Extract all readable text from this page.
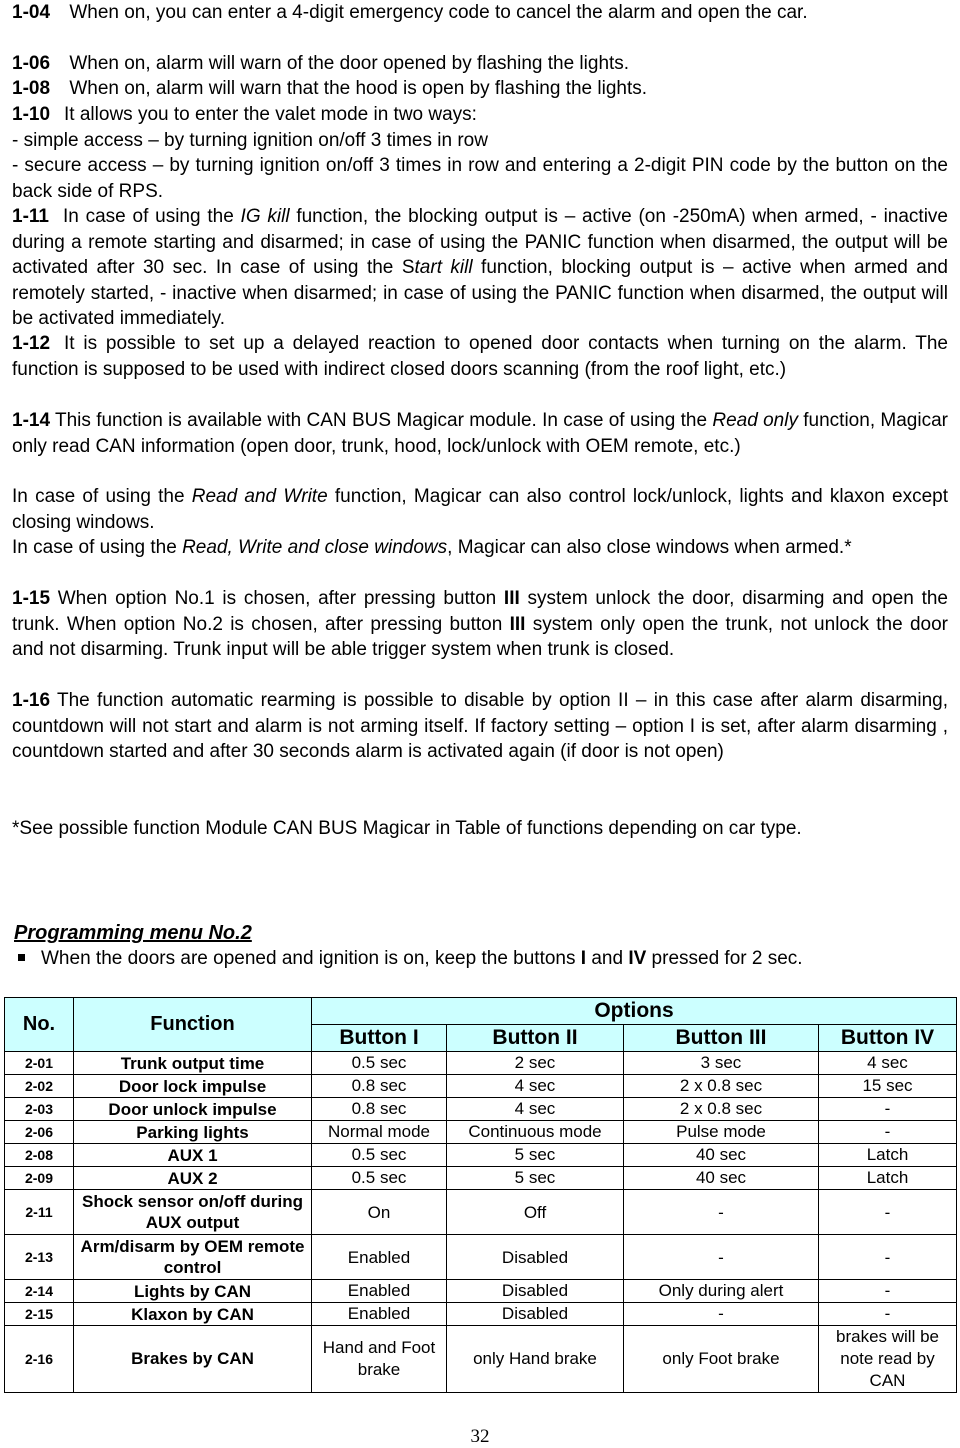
1-04 When on, you can enter a 4-digit emergency code to cancel the alarm and open the car.

1-06 When on, alarm will warn of the door opened by flashing the lights.

1-08 When on, alarm will warn that the hood is open by flashing the lights.

1-10 It allows you to enter the valet mode in two ways:
- simple access – by turning ignition on/off 3 times in row
- secure access – by turning ignition on/off 3 times in row and entering a 2-digit PIN code by the button on the back side of RPS.

1-11 In case of using the IG kill function, the blocking output is – active (on -250mA) when armed, - inactive during a remote starting and disarmed; in case of using the PANIC function when disarmed, the output will be activated after 30 sec. In case of using the Start kill function, blocking output is – active when armed and remotely started, - inactive when disarmed; in case of using the PANIC function when disarmed, the output will be activated immediately.

1-12 It is possible to set up a delayed reaction to opened door contacts when turning on the alarm. The function is supposed to be used with indirect closed doors scanning (from the roof light, etc.)

1-14 This function is available with CAN BUS Magicar module. In case of using the Read only function, Magicar only read CAN information (open door, trunk, hood, lock/unlock with OEM remote, etc.)

In case of using the Read and Write function, Magicar can also control lock/unlock, lights and klaxon except closing windows.

In case of using the Read, Write and close windows, Magicar can also close windows when armed.*

1-15 When option No.1 is chosen, after pressing button III system unlock the door, disarming and open the trunk. When option No.2 is chosen, after pressing button III system only open the trunk, not unlock the door and not disarming. Trunk input will be able trigger system when trunk is closed.

1-16 The function automatic rearming is possible to disable by option II – in this case after alarm disarming, countdown will not start and alarm is not arming itself. If factory setting – option I is set, after alarm disarming , countdown started and after 30 seconds alarm is activated again (if door is not open)

*See possible function Module CAN BUS Magicar in Table of functions depending on car type.

Programming menu No.2
When the doors are opened and ignition is on, keep the buttons I and IV pressed for 2 sec.
No.	Function	Options			
		Button I	Button II	Button III	Button IV
2-01	Trunk output time	0.5 sec	2 sec	3 sec	4 sec
2-02	Door lock impulse	0.8 sec	4 sec	2 x 0.8 sec	15 sec
2-03	Door unlock impulse	0.8 sec	4 sec	2 x 0.8 sec	-
2-06	Parking lights	Normal mode	Continuous mode	Pulse mode	-
2-08	AUX 1	0.5 sec	5 sec	40 sec	Latch
2-09	AUX 2	0.5 sec	5 sec	40 sec	Latch
2-11	Shock sensor on/off during AUX output	On	Off	-	-
2-13	Arm/disarm by OEM remote control	Enabled	Disabled	-	-
2-14	Lights by CAN	Enabled	Disabled	Only during alert	-
2-15	Klaxon by CAN	Enabled	Disabled	-	-
2-16	Brakes by CAN	Hand and Foot brake	only Hand brake	only Foot brake	brakes will be note read by CAN
32
